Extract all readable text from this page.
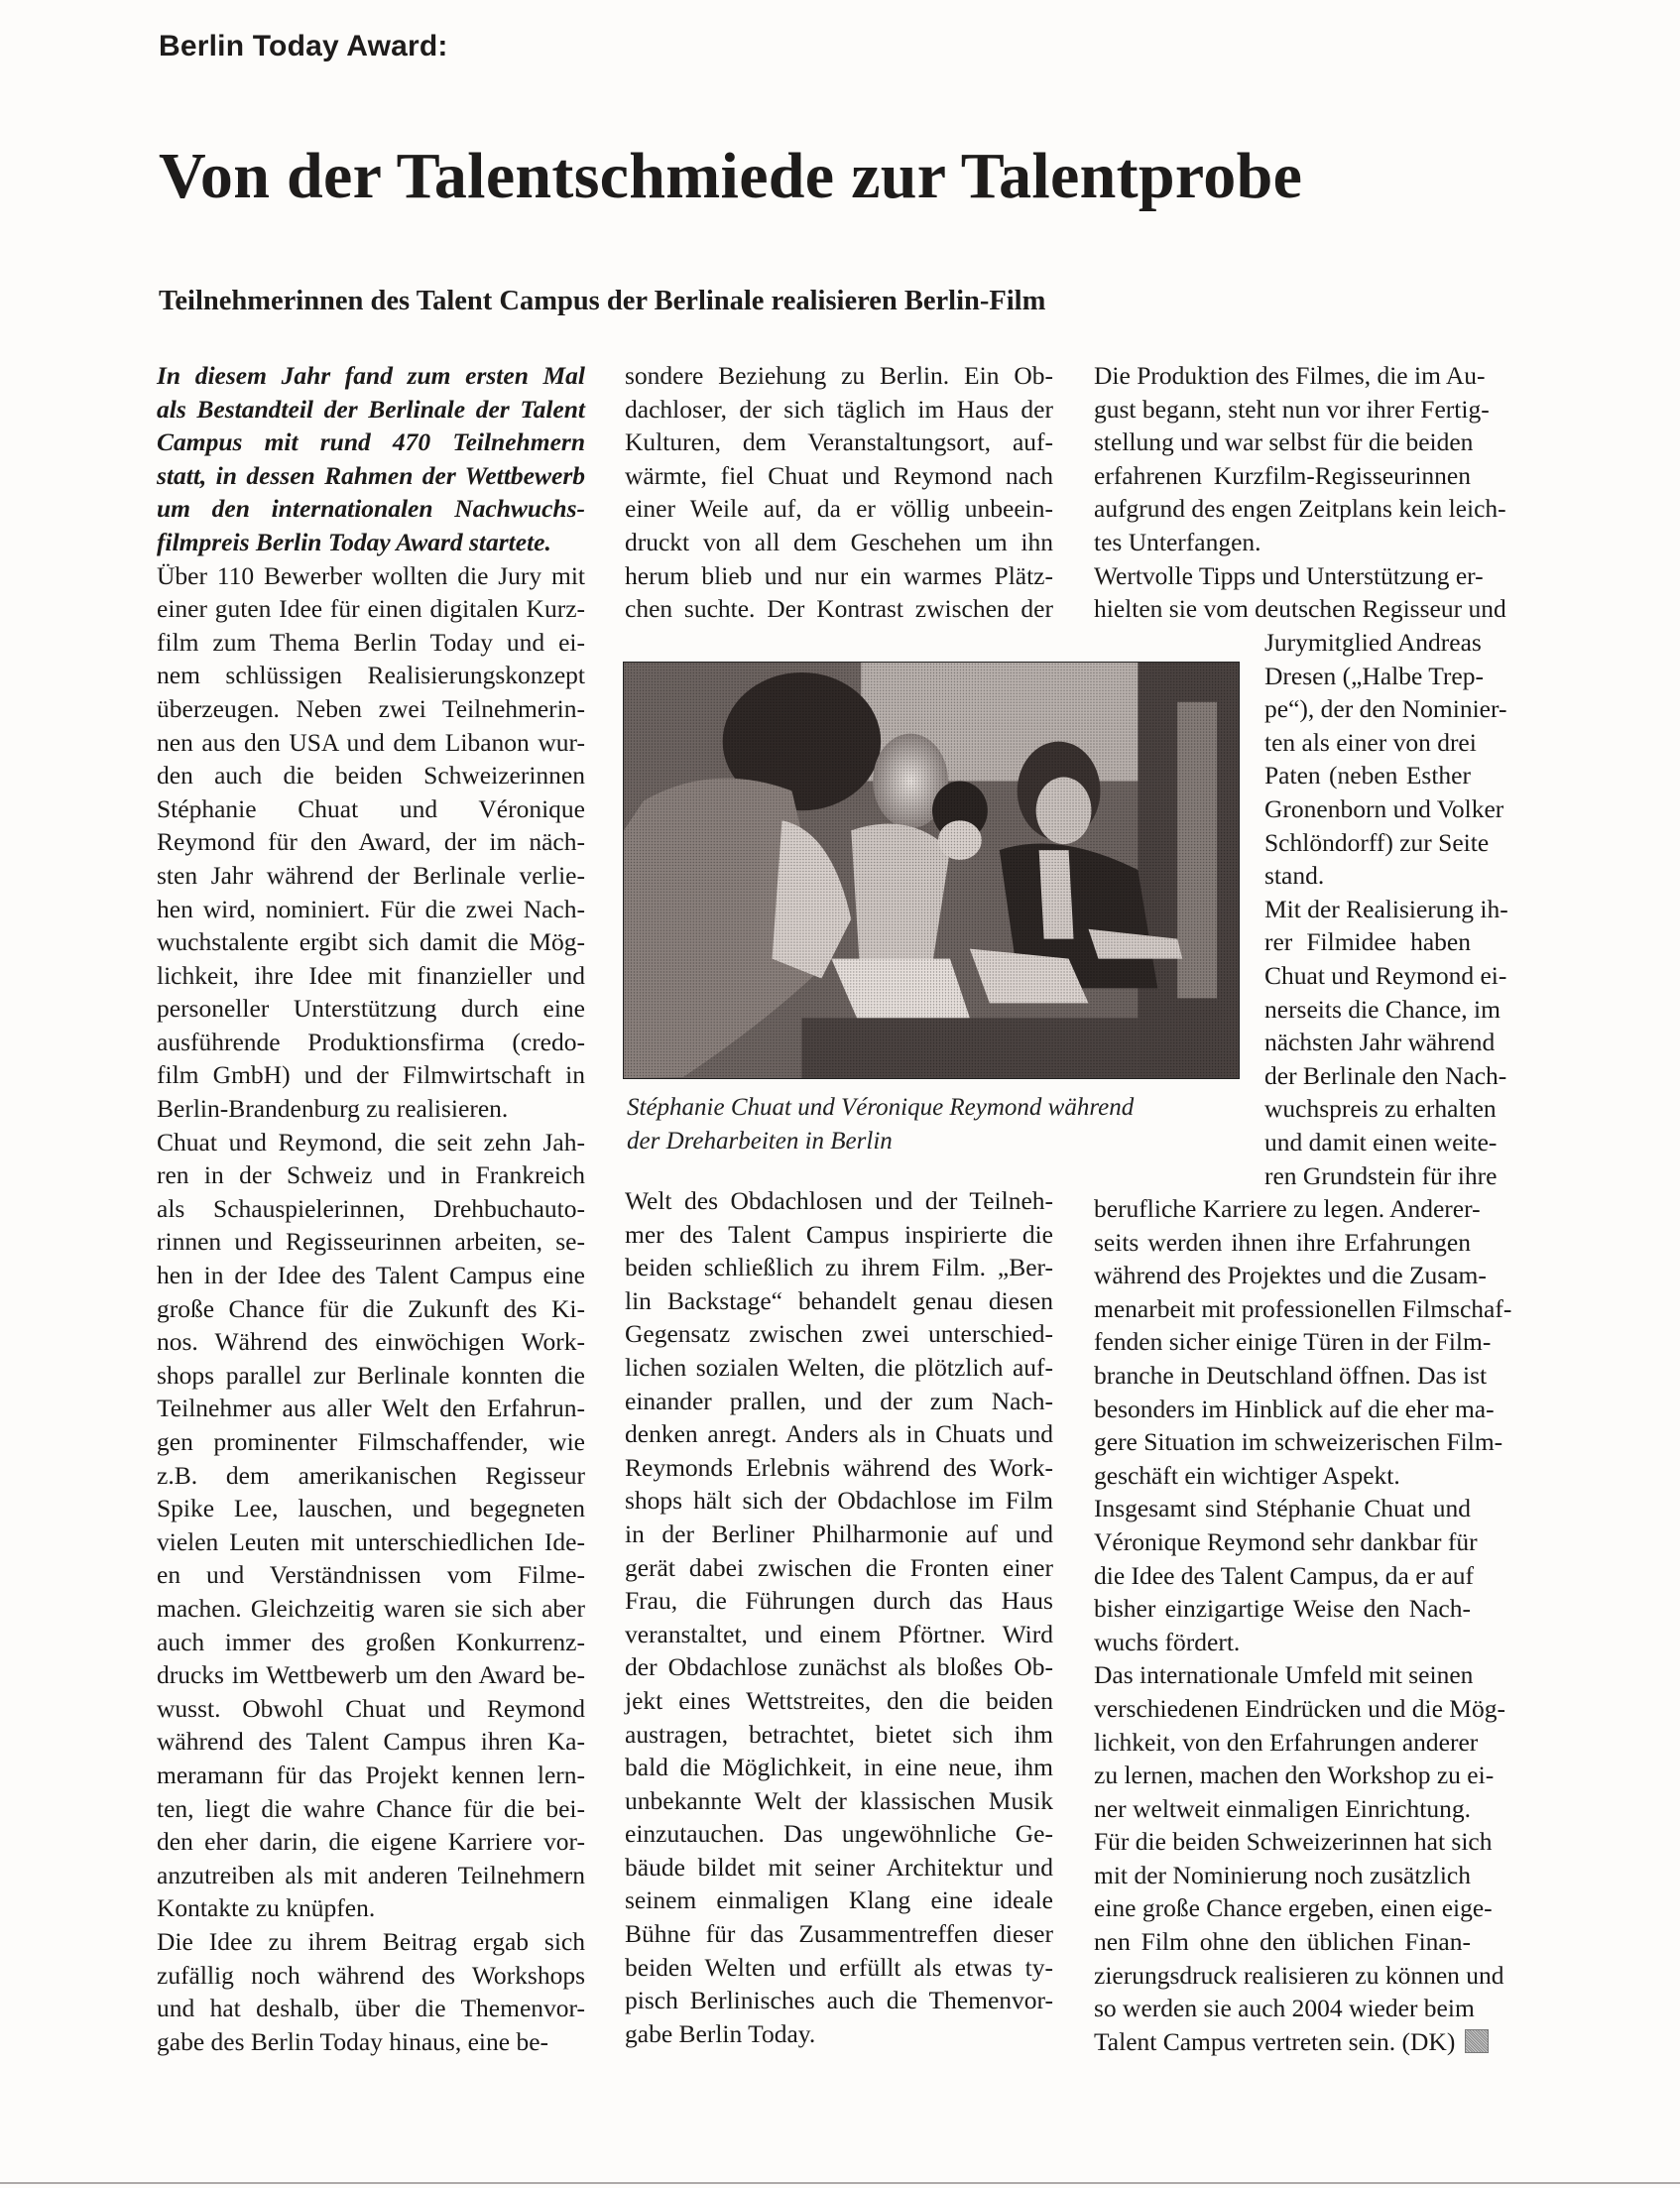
Berlin Today Award:
Von der Talentschmiede zur Talentprobe
Teilnehmerinnen des Talent Campus der Berlinale realisieren Berlin-Film
In diesem Jahr fand zum ersten Mal
als Bestandteil der Berlinale der Talent
Campus mit rund 470 Teilnehmern
statt, in dessen Rahmen der Wettbewerb
um den internationalen Nachwuchs-
filmpreis Berlin Today Award startete.
Über 110 Bewerber wollten die Jury mit
einer guten Idee für einen digitalen Kurz-
film zum Thema Berlin Today und ei-
nem schlüssigen Realisierungskonzept
überzeugen. Neben zwei Teilnehmerin-
nen aus den USA und dem Libanon wur-
den auch die beiden Schweizerinnen
Stéphanie Chuat und Véronique
Reymond für den Award, der im näch-
sten Jahr während der Berlinale verlie-
hen wird, nominiert. Für die zwei Nach-
wuchstalente ergibt sich damit die Mög-
lichkeit, ihre Idee mit finanzieller und
personeller Unterstützung durch eine
ausführende Produktionsfirma (credo-
film GmbH) und der Filmwirtschaft in
Berlin-Brandenburg zu realisieren.
Chuat und Reymond, die seit zehn Jah-
ren in der Schweiz und in Frankreich
als Schauspielerinnen, Drehbuchauto-
rinnen und Regisseurinnen arbeiten, se-
hen in der Idee des Talent Campus eine
große Chance für die Zukunft des Ki-
nos. Während des einwöchigen Work-
shops parallel zur Berlinale konnten die
Teilnehmer aus aller Welt den Erfahrun-
gen prominenter Filmschaffender, wie
z.B. dem amerikanischen Regisseur
Spike Lee, lauschen, und begegneten
vielen Leuten mit unterschiedlichen Ide-
en und Verständnissen vom Filme-
machen. Gleichzeitig waren sie sich aber
auch immer des großen Konkurrenz-
drucks im Wettbewerb um den Award be-
wusst. Obwohl Chuat und Reymond
während des Talent Campus ihren Ka-
meramann für das Projekt kennen lern-
ten, liegt die wahre Chance für die bei-
den eher darin, die eigene Karriere vor-
anzutreiben als mit anderen Teilnehmern
Kontakte zu knüpfen.
Die Idee zu ihrem Beitrag ergab sich
zufällig noch während des Workshops
und hat deshalb, über die Themenvor-
gabe des Berlin Today hinaus, eine be-
sondere Beziehung zu Berlin. Ein Ob-
dachloser, der sich täglich im Haus der
Kulturen, dem Veranstaltungsort, auf-
wärmte, fiel Chuat und Reymond nach
einer Weile auf, da er völlig unbeein-
druckt von all dem Geschehen um ihn
herum blieb und nur ein warmes Plätz-
chen suchte. Der Kontrast zwischen der
Stéphanie Chuat und Véronique Reymond während
der Dreharbeiten in Berlin
Welt des Obdachlosen und der Teilneh-
mer des Talent Campus inspirierte die
beiden schließlich zu ihrem Film. „Ber-
lin Backstage“ behandelt genau diesen
Gegensatz zwischen zwei unterschied-
lichen sozialen Welten, die plötzlich auf-
einander prallen, und der zum Nach-
denken anregt. Anders als in Chuats und
Reymonds Erlebnis während des Work-
shops hält sich der Obdachlose im Film
in der Berliner Philharmonie auf und
gerät dabei zwischen die Fronten einer
Frau, die Führungen durch das Haus
veranstaltet, und einem Pförtner. Wird
der Obdachlose zunächst als bloßes Ob-
jekt eines Wettstreites, den die beiden
austragen, betrachtet, bietet sich ihm
bald die Möglichkeit, in eine neue, ihm
unbekannte Welt der klassischen Musik
einzutauchen. Das ungewöhnliche Ge-
bäude bildet mit seiner Architektur und
seinem einmaligen Klang eine ideale
Bühne für das Zusammentreffen dieser
beiden Welten und erfüllt als etwas ty-
pisch Berlinisches auch die Themenvor-
gabe Berlin Today.
Die Produktion des Filmes, die im Au-
gust begann, steht nun vor ihrer Fertig-
stellung und war selbst für die beiden
erfahrenen Kurzfilm-Regisseurinnen
aufgrund des engen Zeitplans kein leich-
tes Unterfangen.
Wertvolle Tipps und Unterstützung er-
hielten sie vom deutschen Regisseur und
Jurymitglied Andreas
Dresen („Halbe Trep-
pe“), der den Nominier-
ten als einer von drei
Paten (neben Esther
Gronenborn und Volker
Schlöndorff) zur Seite
stand.
Mit der Realisierung ih-
rer Filmidee haben
Chuat und Reymond ei-
nerseits die Chance, im
nächsten Jahr während
der Berlinale den Nach-
wuchspreis zu erhalten
und damit einen weite-
ren Grundstein für ihre
berufliche Karriere zu legen. Anderer-
seits werden ihnen ihre Erfahrungen
während des Projektes und die Zusam-
menarbeit mit professionellen Filmschaf-
fenden sicher einige Türen in der Film-
branche in Deutschland öffnen. Das ist
besonders im Hinblick auf die eher ma-
gere Situation im schweizerischen Film-
geschäft ein wichtiger Aspekt.
Insgesamt sind Stéphanie Chuat und
Véronique Reymond sehr dankbar für
die Idee des Talent Campus, da er auf
bisher einzigartige Weise den Nach-
wuchs fördert.
Das internationale Umfeld mit seinen
verschiedenen Eindrücken und die Mög-
lichkeit, von den Erfahrungen anderer
zu lernen, machen den Workshop zu ei-
ner weltweit einmaligen Einrichtung.
Für die beiden Schweizerinnen hat sich
mit der Nominierung noch zusätzlich
eine große Chance ergeben, einen eige-
nen Film ohne den üblichen Finan-
zierungsdruck realisieren zu können und
so werden sie auch 2004 wieder beim
Talent Campus vertreten sein. (DK)
